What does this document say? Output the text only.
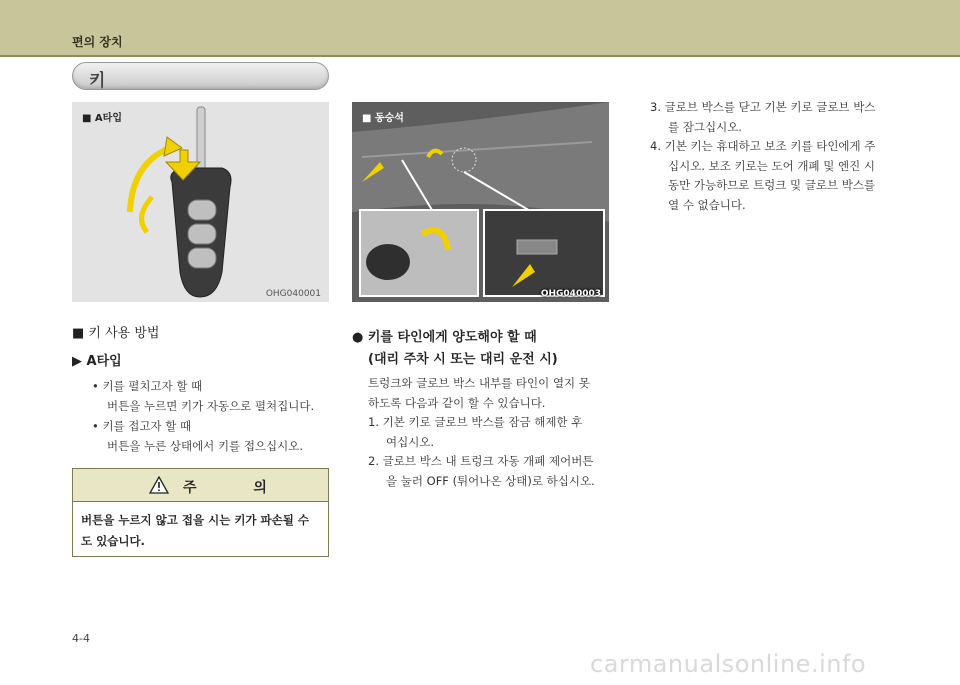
편의 장치
키
■ A타입
OHG040001
■ 동승석
OHG040003
■ 키 사용 방법
▶ A타입
• 키를 펼치고자 할 때
버튼을 누르면 키가 자동으로 펼쳐집니다.
• 키를 접고자 할 때
버튼을 누른 상태에서 키를 접으십시오.
주 의
버튼을 누르지 않고 접을 시는 키가 파손될 수
도 있습니다.
● 키를 타인에게 양도해야 할 때
(대리 주차 시 또는 대리 운전 시)
트렁크와 글로브 박스 내부를 타인이 열지 못
하도록 다음과 같이 할 수 있습니다.
1. 기본 키로 글로브 박스를 잠금 해제한 후
여십시오.
2. 글로브 박스 내 트렁크 자동 개폐 제어버튼
을 눌러 OFF (튀어나온 상태)로 하십시오.
3. 글로브 박스를 닫고 기본 키로 글로브 박스
를 잠그십시오.
4. 기본 키는 휴대하고 보조 키를 타인에게 주
십시오. 보조 키로는 도어 개폐 및 엔진 시
동만 가능하므로 트렁크 및 글로브 박스를
열 수 없습니다.
4-4
carmanualsonline.info
